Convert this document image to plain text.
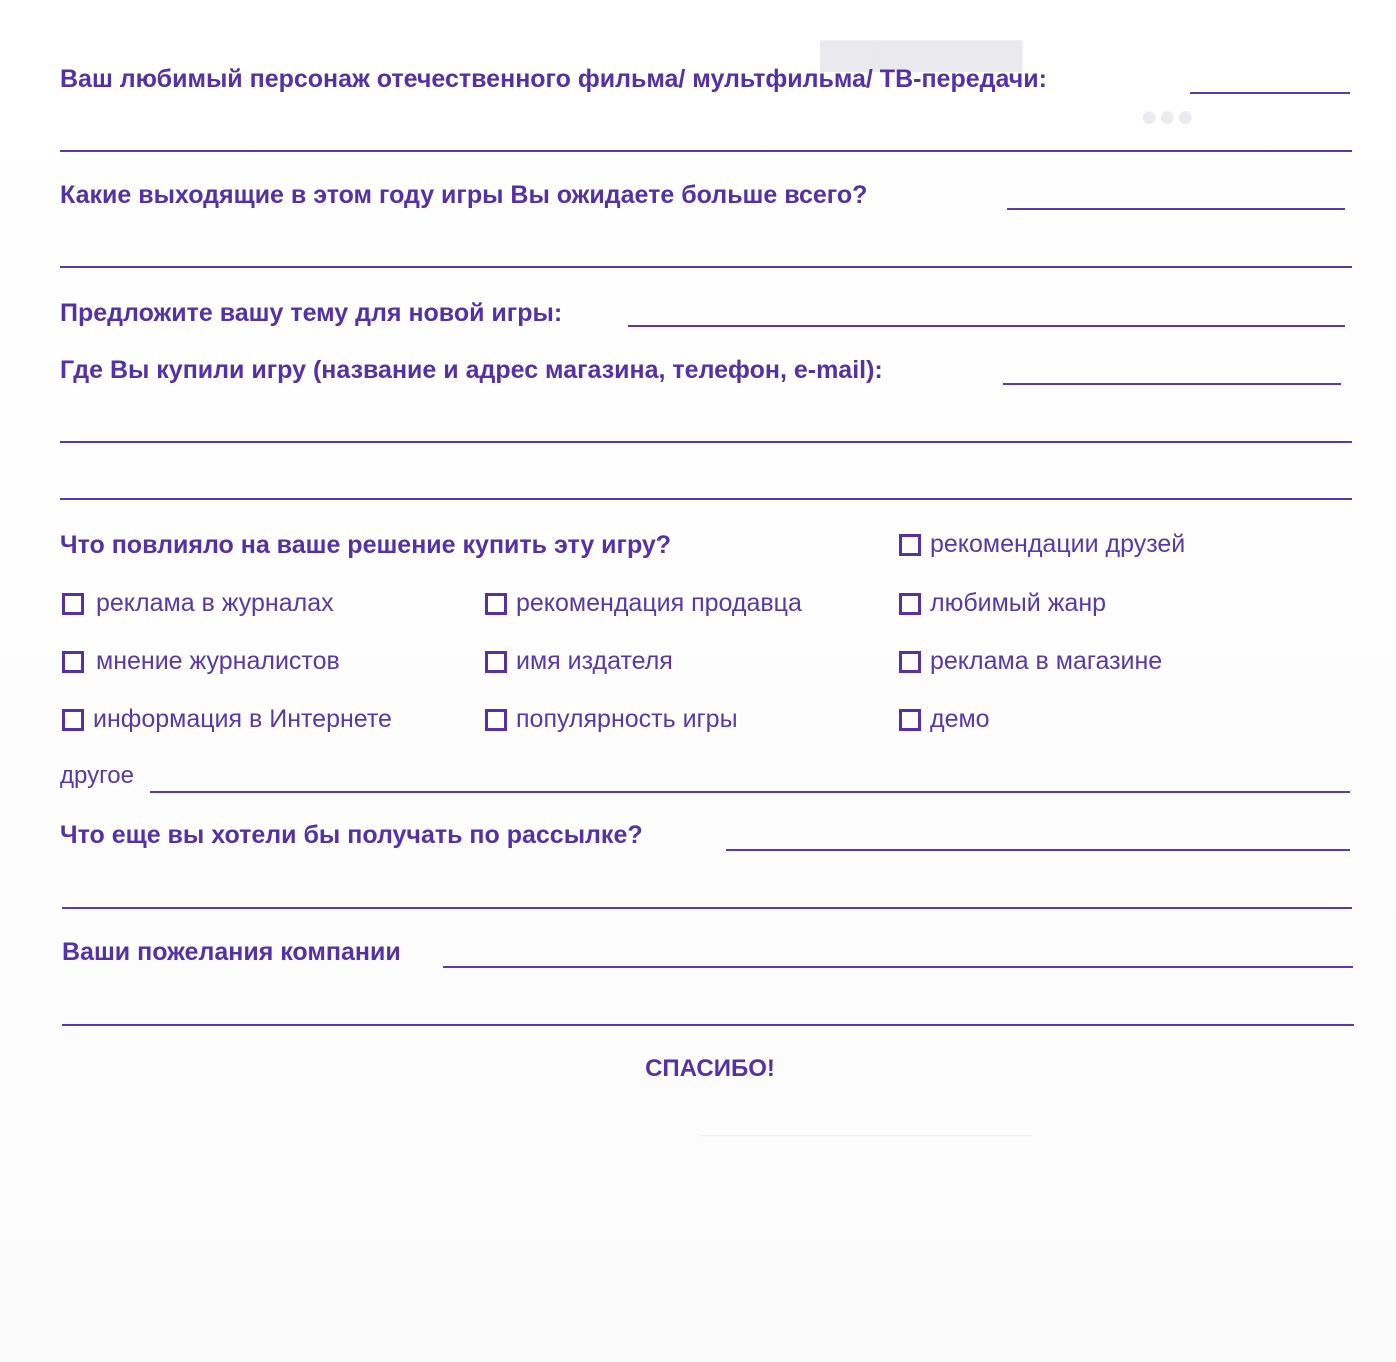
███████████
●●●
──────────────────────────
Ваш любимый персонаж отечественного фильма/ мультфильма/ ТВ-передачи:
Какие выходящие в этом году игры Вы ожидаете больше всего?
Предложите вашу тему для новой игры:
Где Вы купили игру (название и адрес магазина, телефон, e-mail):
Что повлияло на ваше решение купить эту игру?	рекомендации друзей
реклама в журналах	рекомендация продавца	любимый жанр
мнение журналистов	имя издателя	реклама в магазине
информация в Интернете	популярность игры	демо
другое
Что еще вы хотели бы получать по рассылке?
Ваши пожелания компании
СПАСИБО!
